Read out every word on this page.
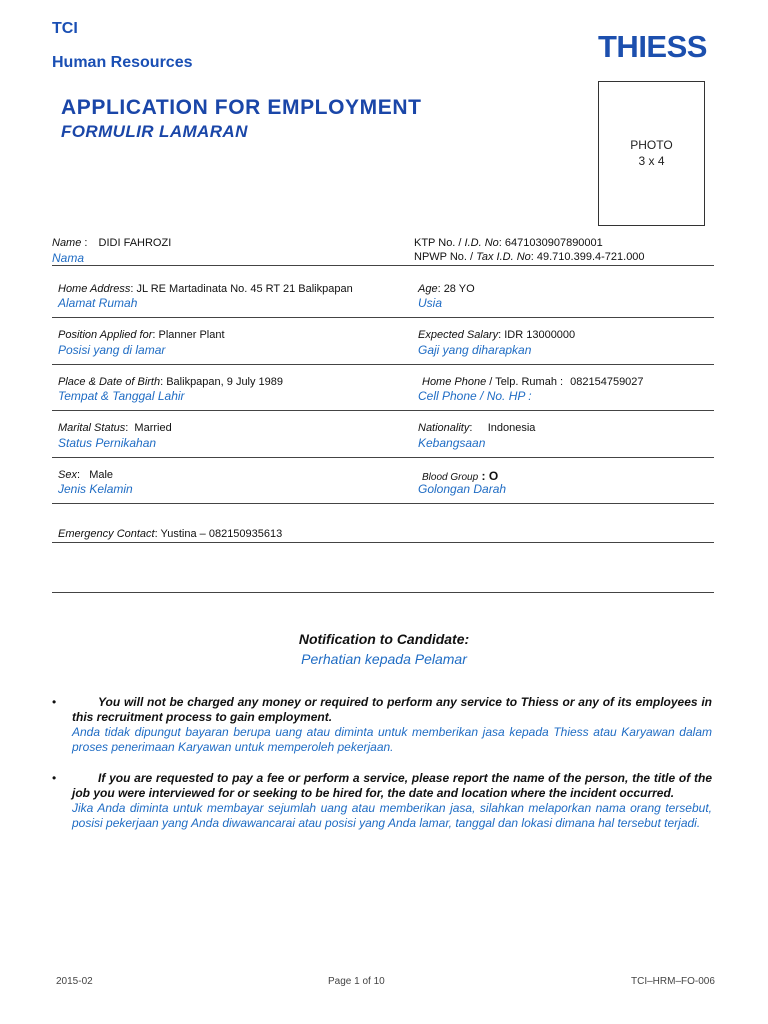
TCI
Human Resources	THIESS
APPLICATION FOR EMPLOYMENT
FORMULIR LAMARAN
PHOTO
3 x 4
Name : DIDI FAHROZI
Nama
KTP No. / I.D. No: 6471030907890001
NPWP No. / Tax I.D. No: 49.710.399.4-721.000
Home Address: JL RE Martadinata No. 45 RT 21 Balikpapan
Alamat Rumah
Age: 28 YO
Usia
Position Applied for: Planner Plant
Posisi yang di lamar
Expected Salary: IDR 13000000
Gaji yang diharapkan
Place & Date of Birth: Balikpapan, 9 July 1989
Tempat & Tanggal Lahir
Home Phone / Telp. Rumah : 082154759027
Cell Phone / No. HP :
Marital Status:  Married
Status Pernikahan
Nationality:     Indonesia
Kebangsaan
Sex:   Male
Jenis Kelamin
Blood Group : O
Golongan Darah
Emergency Contact: Yustina – 082150935613
Notification to Candidate:
Perhatian kepada Pelamar
•	You will not be charged any money or required to perform any service to Thiess or any of its employees in this recruitment process to gain employment.
Anda tidak dipungut bayaran berupa uang atau diminta untuk memberikan jasa kepada Thiess atau Karyawan dalam proses penerimaan Karyawan untuk memperoleh pekerjaan.
•	If you are requested to pay a fee or perform a service, please report the name of the person, the title of the job you were interviewed for or seeking to be hired for, the date and location where the incident occurred.
Jika Anda diminta untuk membayar sejumlah uang atau memberikan jasa, silahkan melaporkan nama orang tersebut, posisi pekerjaan yang Anda diwawancarai atau posisi yang Anda lamar, tanggal dan lokasi dimana hal tersebut terjadi.
2015-02	Page 1 of 10	TCI–HRM–FO-006
